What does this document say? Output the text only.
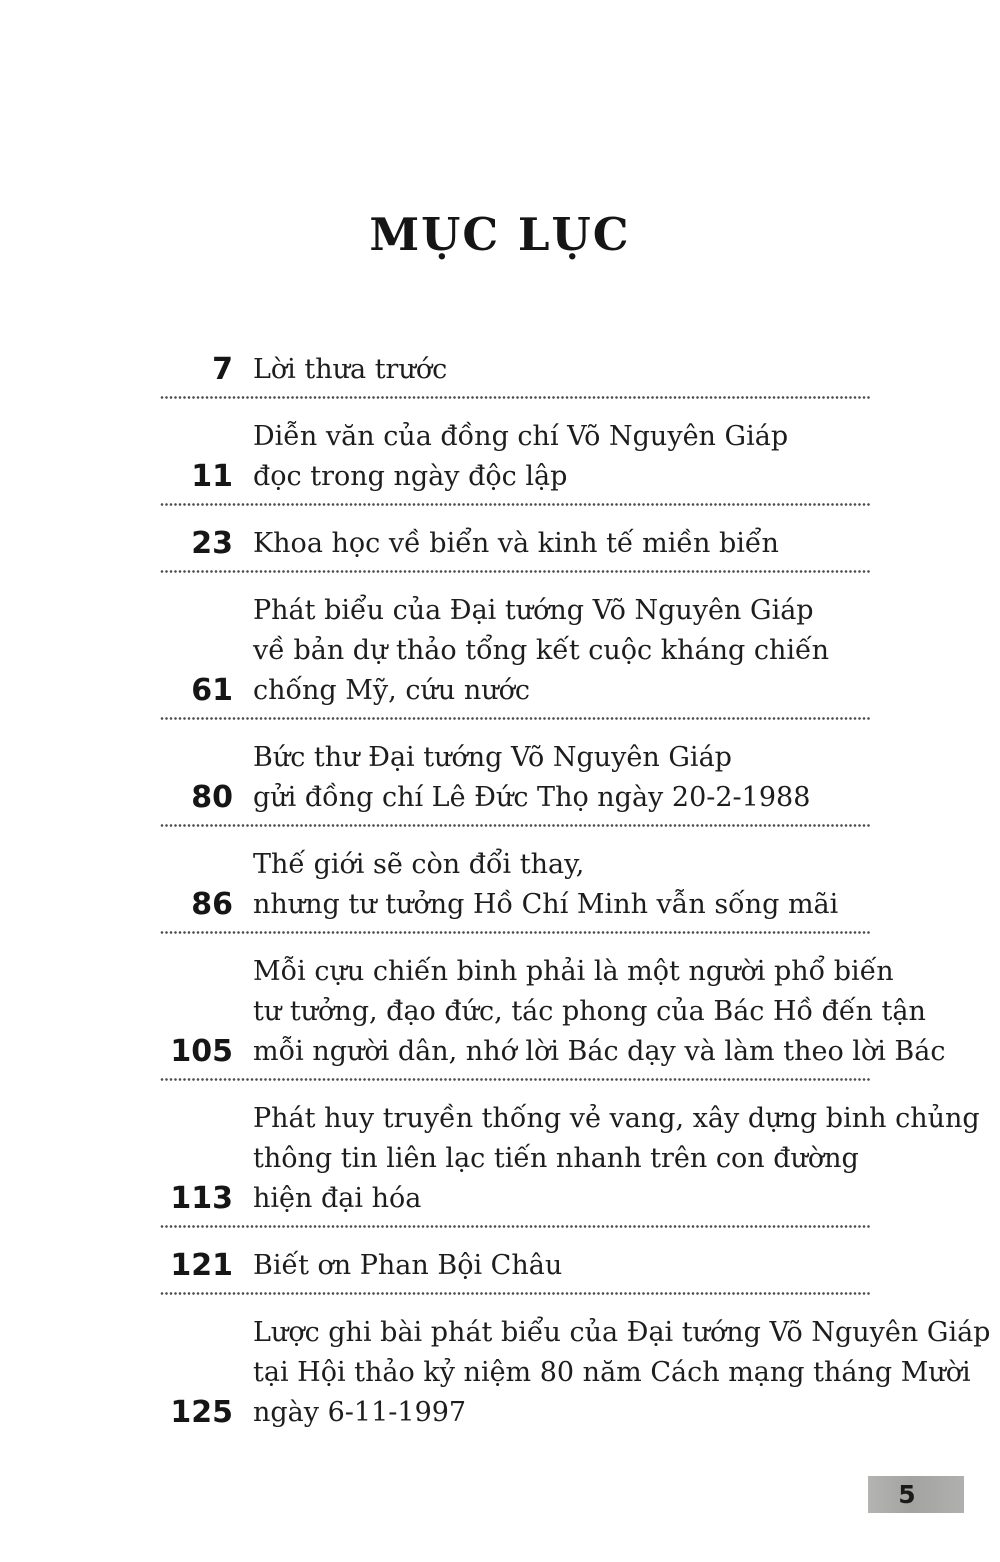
MỤC LỤC
7 Lời thưa trước
11
Diễn văn của đồng chí Võ Nguyên Giáp
đọc trong ngày độc lập
23 Khoa học về biển và kinh tế miền biển
61
Phát biểu của Đại tướng Võ Nguyên Giáp
về bản dự thảo tổng kết cuộc kháng chiến
chống Mỹ, cứu nước
80
Bức thư Đại tướng Võ Nguyên Giáp
gửi đồng chí Lê Đức Thọ ngày 20-2-1988
86
Thế giới sẽ còn đổi thay,
nhưng tư tưởng Hồ Chí Minh vẫn sống mãi
105
Mỗi cựu chiến binh phải là một người phổ biến
tư tưởng, đạo đức, tác phong của Bác Hồ đến tận
mỗi người dân, nhớ lời Bác dạy và làm theo lời Bác
113
Phát huy truyền thống vẻ vang, xây dựng binh chủng
thông tin liên lạc tiến nhanh trên con đường
hiện đại hóa
121 Biết ơn Phan Bội Châu
125
Lược ghi bài phát biểu của Đại tướng Võ Nguyên Giáp
tại Hội thảo kỷ niệm 80 năm Cách mạng tháng Mười
ngày 6-11-1997
5
